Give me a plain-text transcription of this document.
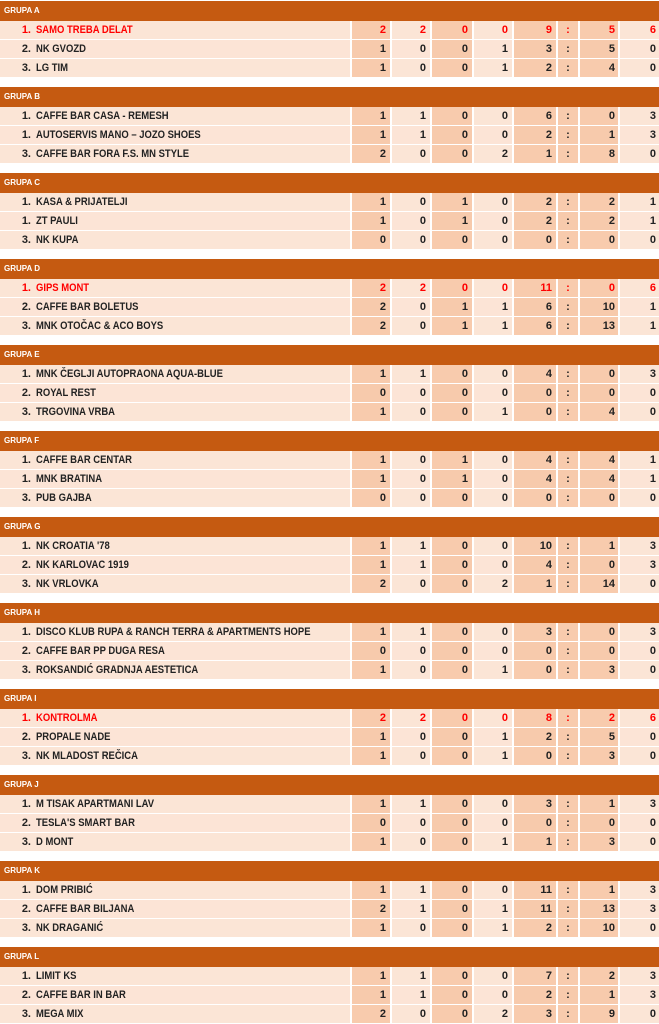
GRUPA A
1. SAMO TREBA DELAT	2	2	0	0	9	:	5	6
2. NK GVOZD	1	0	0	1	3	:	5	0
3. LG TIM	1	0	0	1	2	:	4	0
GRUPA B
1. CAFFE BAR CASA - REMESH	1	1	0	0	6	:	0	3
1. AUTOSERVIS MANO – JOZO SHOES	1	1	0	0	2	:	1	3
3. CAFFE BAR FORA F.S. MN STYLE	2	0	0	2	1	:	8	0
GRUPA C
1. KASA & PRIJATELJI	1	0	1	0	2	:	2	1
1. ZT PAULI	1	0	1	0	2	:	2	1
3. NK KUPA	0	0	0	0	0	:	0	0
GRUPA D
1. GIPS MONT	2	2	0	0	11	:	0	6
2. CAFFE BAR BOLETUS	2	0	1	1	6	:	10	1
3. MNK OTOČAC & ACO BOYS	2	0	1	1	6	:	13	1
GRUPA E
1. MNK ČEGLJI AUTOPRAONA AQUA-BLUE	1	1	0	0	4	:	0	3
2. ROYAL REST	0	0	0	0	0	:	0	0
3. TRGOVINA VRBA	1	0	0	1	0	:	4	0
GRUPA F
1. CAFFE BAR CENTAR	1	0	1	0	4	:	4	1
1. MNK BRATINA	1	0	1	0	4	:	4	1
3. PUB GAJBA	0	0	0	0	0	:	0	0
GRUPA G
1. NK CROATIA '78	1	1	0	0	10	:	1	3
2. NK KARLOVAC 1919	1	1	0	0	4	:	0	3
3. NK VRLOVKA	2	0	0	2	1	:	14	0
GRUPA H
1. DISCO KLUB RUPA & RANCH TERRA & APARTMENTS HOPE	1	1	0	0	3	:	0	3
2. CAFFE BAR PP DUGA RESA	0	0	0	0	0	:	0	0
3. ROKSANDIĆ GRADNJA AESTETICA	1	0	0	1	0	:	3	0
GRUPA I
1. KONTROLMA	2	2	0	0	8	:	2	6
2. PROPALE NADE	1	0	0	1	2	:	5	0
3. NK MLADOST REČICA	1	0	0	1	0	:	3	0
GRUPA J
1. M TISAK APARTMANI LAV	1	1	0	0	3	:	1	3
2. TESLA'S SMART BAR	0	0	0	0	0	:	0	0
3. D MONT	1	0	0	1	1	:	3	0
GRUPA K
1. DOM PRIBIĆ	1	1	0	0	11	:	1	3
2. CAFFE BAR BILJANA	2	1	0	1	11	:	13	3
3. NK DRAGANIĆ	1	0	0	1	2	:	10	0
GRUPA L
1. LIMIT KS	1	1	0	0	7	:	2	3
2. CAFFE BAR IN BAR	1	1	0	0	2	:	1	3
3. MEGA MIX	2	0	0	2	3	:	9	0
